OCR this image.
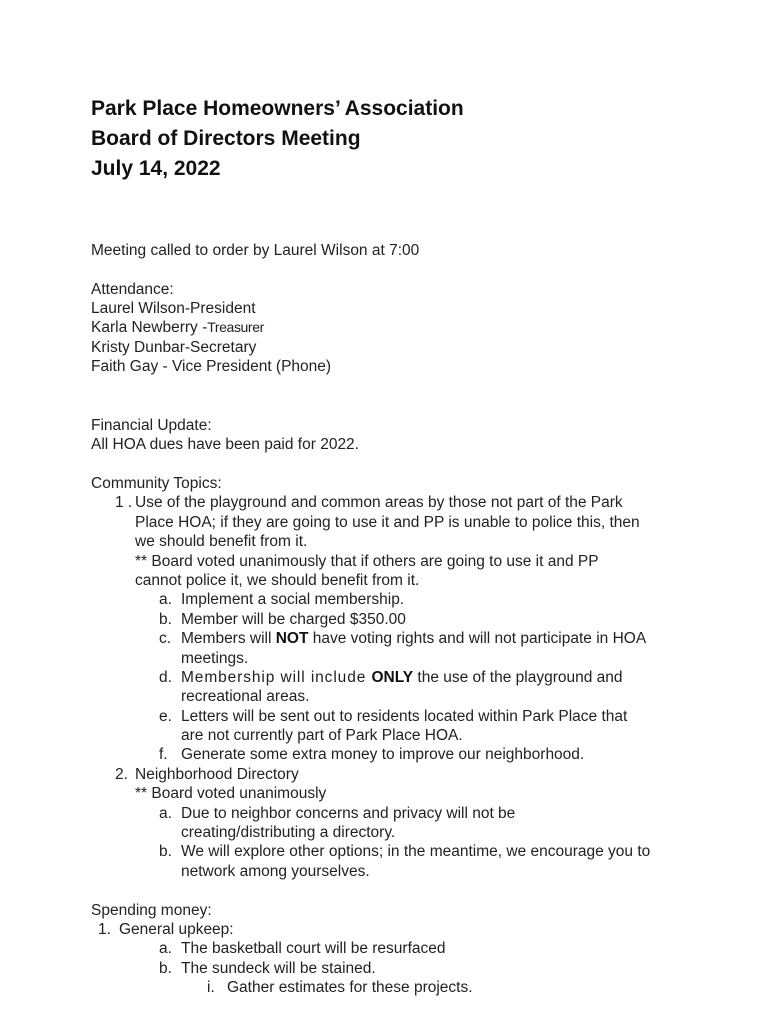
Park Place Homeowners’ Association
Board of Directors Meeting
July 14, 2022
Meeting called to order by Laurel Wilson at 7:00
Attendance:
Laurel Wilson-President
Karla Newberry -Treasurer
Kristy Dunbar-Secretary
Faith Gay - Vice President (Phone)
Financial Update:
All HOA dues have been paid for 2022.
Community Topics:
1 . Use of the playground and common areas by those not part of the Park
Place HOA; if they are going to use it and PP is unable to police this, then
we should benefit from it.
** Board voted unanimously that if others are going to use it and PP
cannot police it, we should benefit from it.
a. Implement a social membership.
b. Member will be charged $350.00
c. Members will NOT have voting rights and will not participate in HOA
meetings.
d. Membership will include ONLY the use of the playground and
recreational areas.
e. Letters will be sent out to residents located within Park Place that
are not currently part of Park Place HOA.
f. Generate some extra money to improve our neighborhood.
2. Neighborhood Directory
** Board voted unanimously
a. Due to neighbor concerns and privacy will not be
creating/distributing a directory.
b. We will explore other options; in the meantime, we encourage you to
network among yourselves.
Spending money:
1. General upkeep:
a. The basketball court will be resurfaced
b. The sundeck will be stained.
i. Gather estimates for these projects.
